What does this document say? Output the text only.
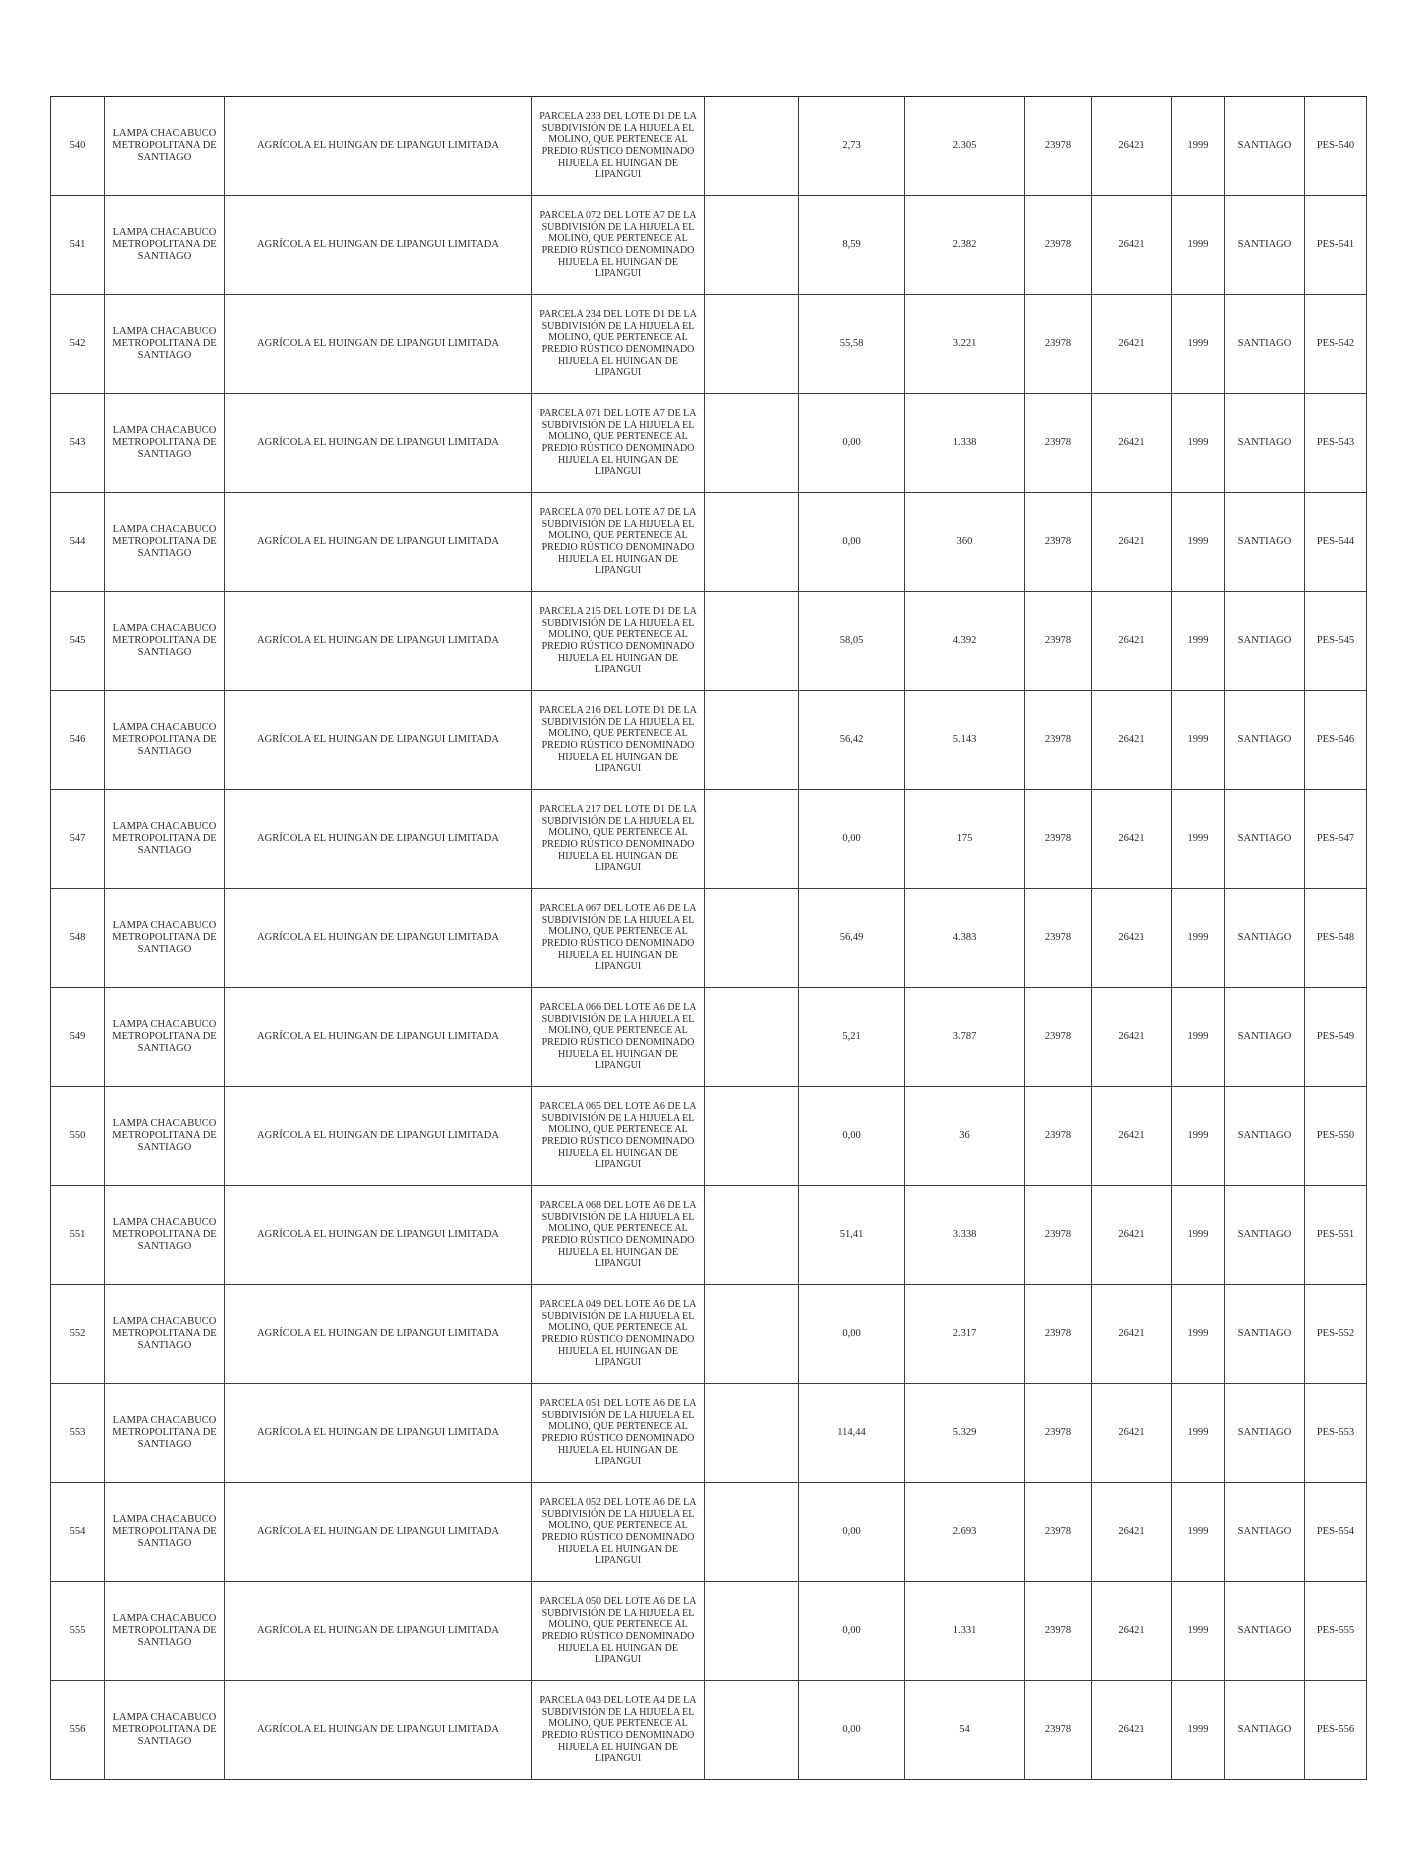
540	LAMPA CHACABUCO METROPOLITANA DE SANTIAGO	AGRÍCOLA EL HUINGAN DE LIPANGUI LIMITADA	PARCELA 233 DEL LOTE D1 DE LA SUBDIVISIÓN DE LA HIJUELA EL MOLINO, QUE PERTENECE AL PREDIO RÚSTICO DENOMINADO HIJUELA EL HUINGAN DE LIPANGUI		2,73	2.305	23978	26421	1999	SANTIAGO	PES-540
541	LAMPA CHACABUCO METROPOLITANA DE SANTIAGO	AGRÍCOLA EL HUINGAN DE LIPANGUI LIMITADA	PARCELA 072 DEL LOTE A7 DE LA SUBDIVISIÓN DE LA HIJUELA EL MOLINO, QUE PERTENECE AL PREDIO RÚSTICO DENOMINADO HIJUELA EL HUINGAN DE LIPANGUI		8,59	2.382	23978	26421	1999	SANTIAGO	PES-541
542	LAMPA CHACABUCO METROPOLITANA DE SANTIAGO	AGRÍCOLA EL HUINGAN DE LIPANGUI LIMITADA	PARCELA 234 DEL LOTE D1 DE LA SUBDIVISIÓN DE LA HIJUELA EL MOLINO, QUE PERTENECE AL PREDIO RÚSTICO DENOMINADO HIJUELA EL HUINGAN DE LIPANGUI		55,58	3.221	23978	26421	1999	SANTIAGO	PES-542
543	LAMPA CHACABUCO METROPOLITANA DE SANTIAGO	AGRÍCOLA EL HUINGAN DE LIPANGUI LIMITADA	PARCELA 071 DEL LOTE A7 DE LA SUBDIVISIÓN DE LA HIJUELA EL MOLINO, QUE PERTENECE AL PREDIO RÚSTICO DENOMINADO HIJUELA EL HUINGAN DE LIPANGUI		0,00	1.338	23978	26421	1999	SANTIAGO	PES-543
544	LAMPA CHACABUCO METROPOLITANA DE SANTIAGO	AGRÍCOLA EL HUINGAN DE LIPANGUI LIMITADA	PARCELA 070 DEL LOTE A7 DE LA SUBDIVISIÓN DE LA HIJUELA EL MOLINO, QUE PERTENECE AL PREDIO RÚSTICO DENOMINADO HIJUELA EL HUINGAN DE LIPANGUI		0,00	360	23978	26421	1999	SANTIAGO	PES-544
545	LAMPA CHACABUCO METROPOLITANA DE SANTIAGO	AGRÍCOLA EL HUINGAN DE LIPANGUI LIMITADA	PARCELA 215 DEL LOTE D1 DE LA SUBDIVISIÓN DE LA HIJUELA EL MOLINO, QUE PERTENECE AL PREDIO RÚSTICO DENOMINADO HIJUELA EL HUINGAN DE LIPANGUI		58,05	4.392	23978	26421	1999	SANTIAGO	PES-545
546	LAMPA CHACABUCO METROPOLITANA DE SANTIAGO	AGRÍCOLA EL HUINGAN DE LIPANGUI LIMITADA	PARCELA 216 DEL LOTE D1 DE LA SUBDIVISIÓN DE LA HIJUELA EL MOLINO, QUE PERTENECE AL PREDIO RÚSTICO DENOMINADO HIJUELA EL HUINGAN DE LIPANGUI		56,42	5.143	23978	26421	1999	SANTIAGO	PES-546
547	LAMPA CHACABUCO METROPOLITANA DE SANTIAGO	AGRÍCOLA EL HUINGAN DE LIPANGUI LIMITADA	PARCELA 217 DEL LOTE D1 DE LA SUBDIVISIÓN DE LA HIJUELA EL MOLINO, QUE PERTENECE AL PREDIO RÚSTICO DENOMINADO HIJUELA EL HUINGAN DE LIPANGUI		0,00	175	23978	26421	1999	SANTIAGO	PES-547
548	LAMPA CHACABUCO METROPOLITANA DE SANTIAGO	AGRÍCOLA EL HUINGAN DE LIPANGUI LIMITADA	PARCELA 067 DEL LOTE A6 DE LA SUBDIVISIÓN DE LA HIJUELA EL MOLINO, QUE PERTENECE AL PREDIO RÚSTICO DENOMINADO HIJUELA EL HUINGAN DE LIPANGUI		56,49	4.383	23978	26421	1999	SANTIAGO	PES-548
549	LAMPA CHACABUCO METROPOLITANA DE SANTIAGO	AGRÍCOLA EL HUINGAN DE LIPANGUI LIMITADA	PARCELA 066 DEL LOTE A6 DE LA SUBDIVISIÓN DE LA HIJUELA EL MOLINO, QUE PERTENECE AL PREDIO RÚSTICO DENOMINADO HIJUELA EL HUINGAN DE LIPANGUI		5,21	3.787	23978	26421	1999	SANTIAGO	PES-549
550	LAMPA CHACABUCO METROPOLITANA DE SANTIAGO	AGRÍCOLA EL HUINGAN DE LIPANGUI LIMITADA	PARCELA 065 DEL LOTE A6 DE LA SUBDIVISIÓN DE LA HIJUELA EL MOLINO, QUE PERTENECE AL PREDIO RÚSTICO DENOMINADO HIJUELA EL HUINGAN DE LIPANGUI		0,00	36	23978	26421	1999	SANTIAGO	PES-550
551	LAMPA CHACABUCO METROPOLITANA DE SANTIAGO	AGRÍCOLA EL HUINGAN DE LIPANGUI LIMITADA	PARCELA 068 DEL LOTE A6 DE LA SUBDIVISIÓN DE LA HIJUELA EL MOLINO, QUE PERTENECE AL PREDIO RÚSTICO DENOMINADO HIJUELA EL HUINGAN DE LIPANGUI		51,41	3.338	23978	26421	1999	SANTIAGO	PES-551
552	LAMPA CHACABUCO METROPOLITANA DE SANTIAGO	AGRÍCOLA EL HUINGAN DE LIPANGUI LIMITADA	PARCELA 049 DEL LOTE A6 DE LA SUBDIVISIÓN DE LA HIJUELA EL MOLINO, QUE PERTENECE AL PREDIO RÚSTICO DENOMINADO HIJUELA EL HUINGAN DE LIPANGUI		0,00	2.317	23978	26421	1999	SANTIAGO	PES-552
553	LAMPA CHACABUCO METROPOLITANA DE SANTIAGO	AGRÍCOLA EL HUINGAN DE LIPANGUI LIMITADA	PARCELA 051 DEL LOTE A6 DE LA SUBDIVISIÓN DE LA HIJUELA EL MOLINO, QUE PERTENECE AL PREDIO RÚSTICO DENOMINADO HIJUELA EL HUINGAN DE LIPANGUI		114,44	5.329	23978	26421	1999	SANTIAGO	PES-553
554	LAMPA CHACABUCO METROPOLITANA DE SANTIAGO	AGRÍCOLA EL HUINGAN DE LIPANGUI LIMITADA	PARCELA 052 DEL LOTE A6 DE LA SUBDIVISIÓN DE LA HIJUELA EL MOLINO, QUE PERTENECE AL PREDIO RÚSTICO DENOMINADO HIJUELA EL HUINGAN DE LIPANGUI		0,00	2.693	23978	26421	1999	SANTIAGO	PES-554
555	LAMPA CHACABUCO METROPOLITANA DE SANTIAGO	AGRÍCOLA EL HUINGAN DE LIPANGUI LIMITADA	PARCELA 050 DEL LOTE A6 DE LA SUBDIVISIÓN DE LA HIJUELA EL MOLINO, QUE PERTENECE AL PREDIO RÚSTICO DENOMINADO HIJUELA EL HUINGAN DE LIPANGUI		0,00	1.331	23978	26421	1999	SANTIAGO	PES-555
556	LAMPA CHACABUCO METROPOLITANA DE SANTIAGO	AGRÍCOLA EL HUINGAN DE LIPANGUI LIMITADA	PARCELA 043 DEL LOTE A4 DE LA SUBDIVISIÓN DE LA HIJUELA EL MOLINO, QUE PERTENECE AL PREDIO RÚSTICO DENOMINADO HIJUELA EL HUINGAN DE LIPANGUI		0,00	54	23978	26421	1999	SANTIAGO	PES-556
